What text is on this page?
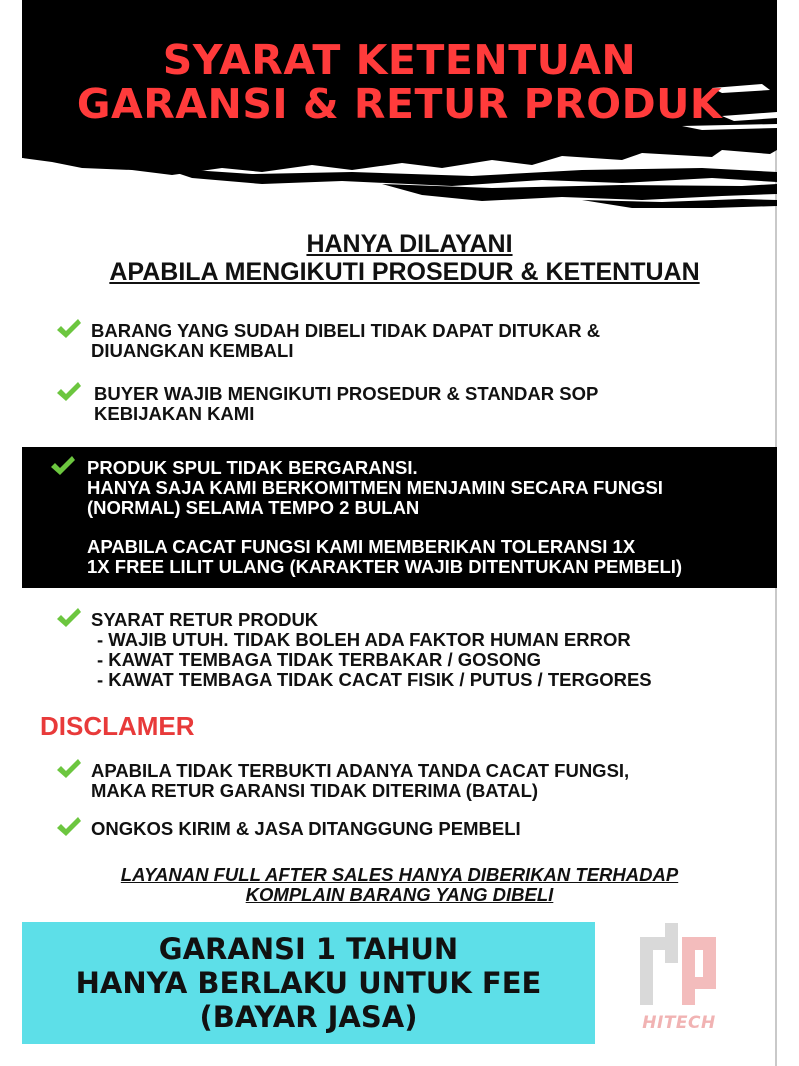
SYARAT KETENTUAN
GARANSI & RETUR PRODUK
HANYA DILAYANI
APABILA MENGIKUTI PROSEDUR & KETENTUAN
BARANG YANG SUDAH DIBELI TIDAK DAPAT DITUKAR &
DIUANGKAN KEMBALI
BUYER WAJIB MENGIKUTI PROSEDUR & STANDAR SOP
KEBIJAKAN KAMI
PRODUK SPUL TIDAK BERGARANSI.
HANYA SAJA KAMI BERKOMITMEN MENJAMIN SECARA FUNGSI
(NORMAL) SELAMA TEMPO 2 BULAN
APABILA CACAT FUNGSI KAMI MEMBERIKAN TOLERANSI 1X
1X FREE LILIT ULANG (KARAKTER WAJIB DITENTUKAN PEMBELI)
SYARAT RETUR PRODUK
- WAJIB UTUH. TIDAK BOLEH ADA FAKTOR HUMAN ERROR
- KAWAT TEMBAGA TIDAK TERBAKAR / GOSONG
- KAWAT TEMBAGA TIDAK CACAT FISIK / PUTUS / TERGORES
DISCLAMER
APABILA TIDAK TERBUKTI ADANYA TANDA CACAT FUNGSI,
MAKA RETUR GARANSI TIDAK DITERIMA (BATAL)
ONGKOS KIRIM & JASA DITANGGUNG PEMBELI
LAYANAN FULL AFTER SALES HANYA DIBERIKAN TERHADAP
KOMPLAIN BARANG YANG DIBELI
GARANSI 1 TAHUN
HANYA BERLAKU UNTUK FEE
(BAYAR JASA)	HITECH
